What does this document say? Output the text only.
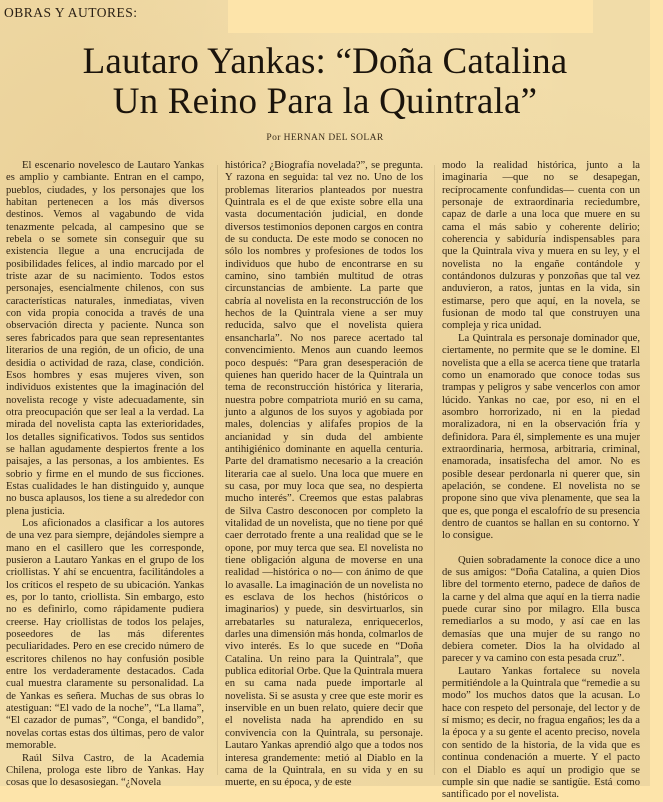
OBRAS Y AUTORES:
Lautaro Yankas: “Doña Catalina
Un Reino Para la Quintrala”
Por HERNAN DEL SOLAR

El escenario novelesco de Lautaro Yankas es amplio y cambiante. Entran en el campo, pueblos, ciudades, y los personajes que los habitan pertenecen a los más diversos destinos. Vemos al vagabundo de vida tenazmente pelcada, al campesino que se rebela o se somete sin conseguir que su existencia llegue a una encrucijada de posibilidades felices, al indio marcado por el triste azar de su nacimiento. Todos estos personajes, esencialmente chilenos, con sus características naturales, inmediatas, viven con vida propia conocida a través de una observación directa y paciente. Nunca son seres fabricados para que sean representantes literarios de una región, de un oficio, de una desidia o actividad de raza, clase, condición. Esos hombres y esas mujeres viven, son individuos existentes que la imaginación del novelista recoge y viste adecuadamente, sin otra preocupación que ser leal a la verdad. La mirada del novelista capta las exterioridades, los detalles significativos. Todos sus sentidos se hallan agudamente despiertos frente a los paisajes, a las personas, a los ambientes. Es sobrio y firme en el mundo de sus ficciones. Estas cualidades le han distinguido y, aunque no busca aplausos, los tiene a su alrededor con plena justicia.

Los aficionados a clasificar a los autores de una vez para siempre, dejándoles siempre a mano en el casillero que les corresponde, pusieron a Lautaro Yankas en el grupo de los criollistas. Y ahí se encuentra, facilitándoles a los críticos el respeto de su ubicación. Yankas es, por lo tanto, criollista. Sin embargo, esto no es definirlo, como rápidamente pudiera creerse. Hay criollistas de todos los pelajes, poseedores de las más diferentes peculiaridades. Pero en ese crecido número de escritores chilenos no hay confusión posible entre los verdaderamente destacados. Cada cual muestra claramente su personalidad. La de Yankas es señera. Muchas de sus obras lo atestiguan: “El vado de la noche”, “La llama”, “El cazador de pumas”, “Conga, el bandido”, novelas cortas estas dos últimas, pero de valor memorable.

Raúl Silva Castro, de la Academia Chilena, prologa este libro de Yankas. Hay cosas que lo desasosiegan. “¿Novela

histórica? ¿Biografía novelada?”, se pregunta. Y razona en seguida: tal vez no. Uno de los problemas literarios planteados por nuestra Quintrala es el de que existe sobre ella una vasta documentación judicial, en donde diversos testimonios deponen cargos en contra de su conducta. De este modo se conocen no sólo los nombres y profesiones de todos los individuos que hubo de encontrarse en su camino, sino también multitud de otras circunstancias de ambiente. La parte que cabría al novelista en la reconstrucción de los hechos de la Quintrala viene a ser muy reducida, salvo que el novelista quiera ensancharla”. No nos parece acertado tal convencimiento. Menos aun cuando leemos poco después: “Para gran desesperación de quienes han querido hacer de la Quintrala un tema de reconstrucción histórica y literaria, nuestra pobre compatriota murió en su cama, junto a algunos de los suyos y agobiada por males, dolencias y alifafes propios de la ancianidad y sin duda del ambiente antihigiénico dominante en aquella centuria. Parte del dramatismo necesario a la creación literaria cae al suelo. Una loca que muere en su casa, por muy loca que sea, no despierta mucho interés”. Creemos que estas palabras de Silva Castro desconocen por completo la vitalidad de un novelista, que no tiene por qué caer derrotado frente a una realidad que se le opone, por muy terca que sea. El novelista no tiene obligación alguna de moverse en una realidad —histórica o no— con ánimo de que lo avasalle. La imaginación de un novelista no es esclava de los hechos (históricos o imaginarios) y puede, sin desvirtuarlos, sin arrebatarles su naturaleza, enriquecerlos, darles una dimensión más honda, colmarlos de vivo interés. Es lo que sucede en “Doña Catalina. Un reino para la Quintrala”, que publica editorial Orbe. Que la Quintrala muera en su cama nada puede importarle al novelista. Si se asusta y cree que este morir es inservible en un buen relato, quiere decir que el novelista nada ha aprendido en su convivencia con la Quintrala, su personaje. Lautaro Yankas aprendió algo que a todos nos interesa grandemente: metió al Diablo en la cama de la Quintrala, en su vida y en su muerte, en su época, y de este

modo la realidad histórica, junto a la imaginaria —que no se desapegan, recíprocamente confundidas— cuenta con un personaje de extraordinaria reciedumbre, capaz de darle a una loca que muere en su cama el más sabio y coherente delirio; coherencia y sabiduría indispensables para que la Quintrala viva y muera en su ley, y el novelista no la engañe contándole y contándonos dulzuras y ponzoñas que tal vez anduvieron, a ratos, juntas en la vida, sin estimarse, pero que aquí, en la novela, se fusionan de modo tal que construyen una compleja y rica unidad.

La Quintrala es personaje dominador que, ciertamente, no permite que se le domine. El novelista que a ella se acerca tiene que tratarla como un enamorado que conoce todas sus trampas y peligros y sabe vencerlos con amor lúcido. Yankas no cae, por eso, ni en el asombro horrorizado, ni en la piedad moralizadora, ni en la observación fría y definidora. Para él, simplemente es una mujer extraordinaria, hermosa, arbitraria, criminal, enamorada, insatisfecha del amor. No es posible desear perdonarla ni querer que, sin apelación, se condene. El novelista no se propone sino que viva plenamente, que sea la que es, que ponga el escalofrío de su presencia dentro de cuantos se hallan en su contorno. Y lo consigue.

Quien sobradamente la conoce dice a uno de sus amigos: “Doña Catalina, a quien Dios libre del tormento eterno, padece de daños de la carne y del alma que aquí en la tierra nadie puede curar sino por milagro. Ella busca remediarlos a su modo, y así cae en las demasías que una mujer de su rango no debiera cometer. Dios la ha olvidado al parecer y va camino con esta pesada cruz”.

Lautaro Yankas fortalece su novela permitiéndole a la Quintrala que “remedie a su modo” los muchos datos que la acusan. Lo hace con respeto del personaje, del lector y de sí mismo; es decir, no fragua engaños; les da a la época y a su gente el acento preciso, novela con sentido de la historia, de la vida que es continua condenación a muerte. Y el pacto con el Diablo es aquí un prodigio que se cumple sin que nadie se santigüe. Está como santificado por el novelista.
